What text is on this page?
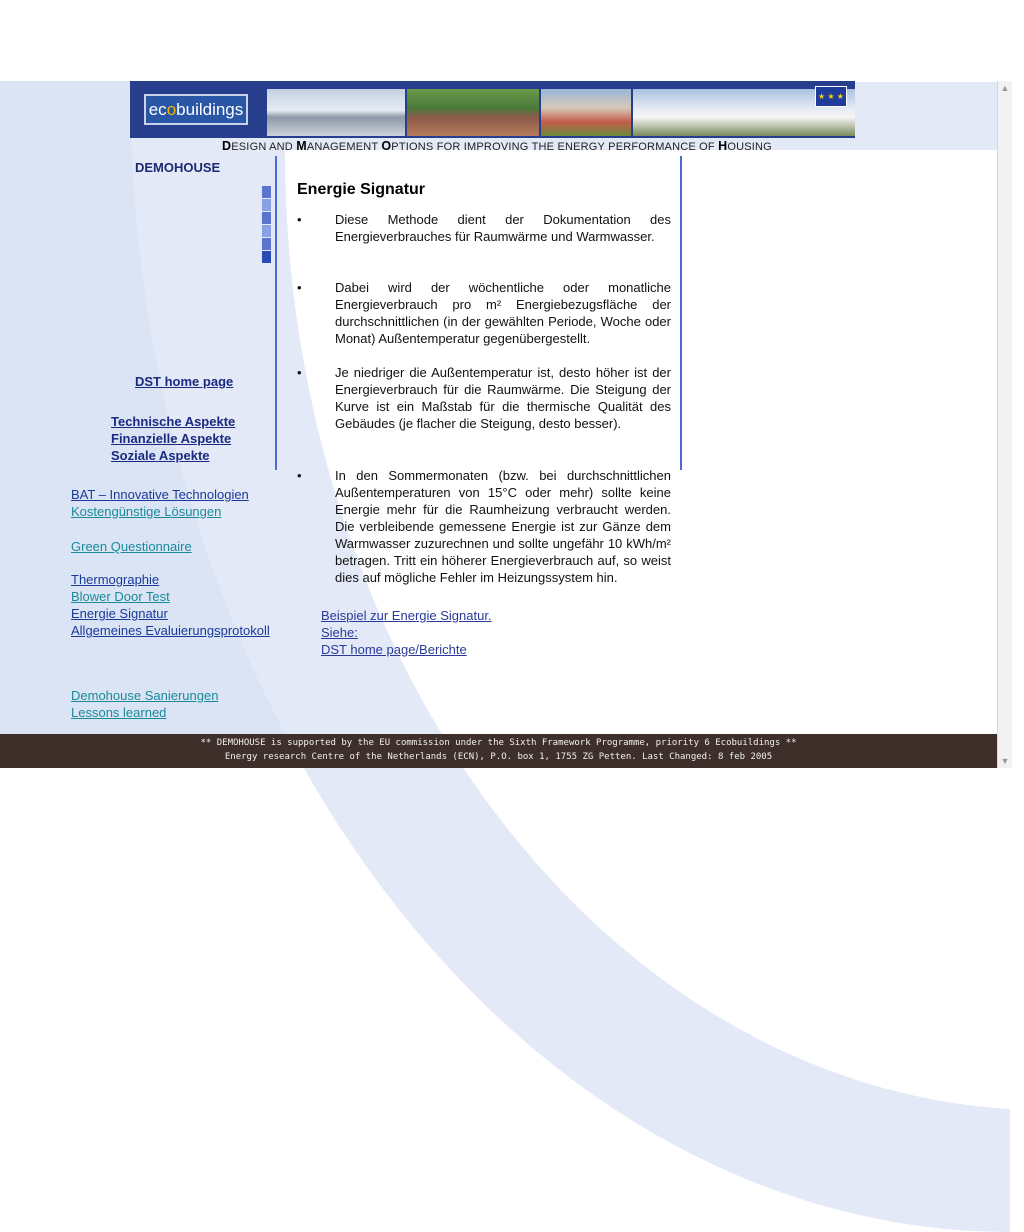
ecobuildings
★ ★ ★
DESIGN AND MANAGEMENT OPTIONS FOR IMPROVING THE ENERGY PERFORMANCE OF HOUSING
DEMOHOUSE
DST home page
Technische Aspekte
Finanzielle Aspekte
Soziale Aspekte
BAT – Innovative Technologien
Kostengünstige Lösungen
Green Questionnaire
Thermographie
Blower Door Test
Energie Signatur
Allgemeines Evaluierungsprotokoll
Demohouse Sanierungen
Lessons learned
Energie Signatur
•	Diese Methode dient der Dokumentation des Energieverbrauches für Raumwärme und Warmwasser.
•	Dabei wird der wöchentliche oder monatliche Energieverbrauch pro m² Energiebezugsfläche der durchschnittlichen (in der gewählten Periode, Woche oder Monat) Außentemperatur gegenübergestellt.
•	Je niedriger die Außentemperatur ist, desto höher ist der Energieverbrauch für die Raumwärme. Die Steigung der Kurve ist ein Maßstab für die thermische Qualität des Gebäudes (je flacher die Steigung, desto besser).
•	In den Sommermonaten (bzw. bei durchschnittlichen Außentemperaturen von 15°C oder mehr) sollte keine Energie mehr für die Raumheizung verbraucht werden. Die verbleibende gemessene Energie ist zur Gänze dem Warmwasser zuzurechnen und sollte ungefähr 10 kWh/m² betragen. Tritt ein höherer Energieverbrauch auf, so weist dies auf mögliche Fehler im Heizungssystem hin.
Beispiel zur Energie Signatur.
Siehe:
DST home page/Berichte
** DEMOHOUSE is supported by the EU commission under the Sixth Framework Programme, priority 6 Ecobuildings **
Energy research Centre of the Netherlands (ECN), P.O. box 1, 1755 ZG Petten. Last Changed: 8 feb 2005
▲
▼
